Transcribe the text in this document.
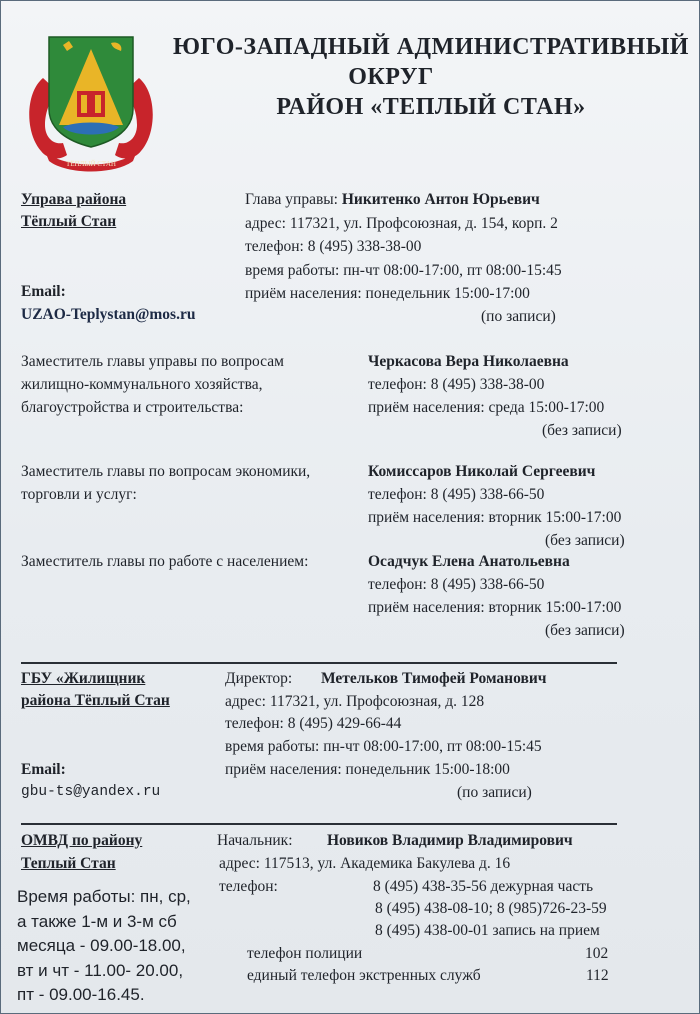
ТЁПЛЫЙ СТАН
ЮГО-ЗАПАДНЫЙ АДМИНИСТРАТИВНЫЙ
ОКРУГ
РАЙОН «ТЕПЛЫЙ СТАН»
Управа района
Тёплый Стан
Email:
UZAO-Teplystan@mos.ru
Глава управы: Никитенко Антон Юрьевич
адрес: 117321, ул. Профсоюзная, д. 154, корп. 2
телефон: 8 (495) 338-38-00
время работы: пн-чт 08:00-17:00, пт 08:00-15:45
приём населения: понедельник 15:00-17:00
(по записи)
Заместитель главы управы по вопросам
жилищно-коммунального хозяйства,
благоустройства и строительства:
Черкасова Вера Николаевна
телефон: 8 (495) 338-38-00
приём населения: среда 15:00-17:00
(без записи)
Заместитель главы по вопросам экономики,
торговли и услуг:
Комиссаров Николай Сергеевич
телефон: 8 (495) 338-66-50
приём населения: вторник 15:00-17:00
(без записи)
Заместитель главы по работе с населением:	Осадчук Елена Анатольевна
телефон: 8 (495) 338-66-50
приём населения: вторник 15:00-17:00
(без записи)
ГБУ «Жилищник
района Тёплый Стан
Email:
gbu-ts@yandex.ru
Директор: Метельков Тимофей Романович
адрес: 117321, ул. Профсоюзная, д. 128
телефон: 8 (495) 429-66-44
время работы: пн-чт 08:00-17:00, пт 08:00-15:45
приём населения: понедельник 15:00-18:00
(по записи)
ОМВД по району
Теплый Стан
Время работы: пн, ср,
а также 1-м и 3-м сб
месяца - 09.00-18.00,
вт и чт - 11.00- 20.00,
пт - 09.00-16.45.
Начальник: Новиков Владимир Владимирович
адрес: 117513, ул. Академика Бакулева д. 16
телефон:	8 (495) 438-35-56 дежурная часть
8 (495) 438-08-10; 8 (985)726-23-59
8 (495) 438-00-01 запись на прием
телефон полиции	102
единый телефон экстренных служб	112
